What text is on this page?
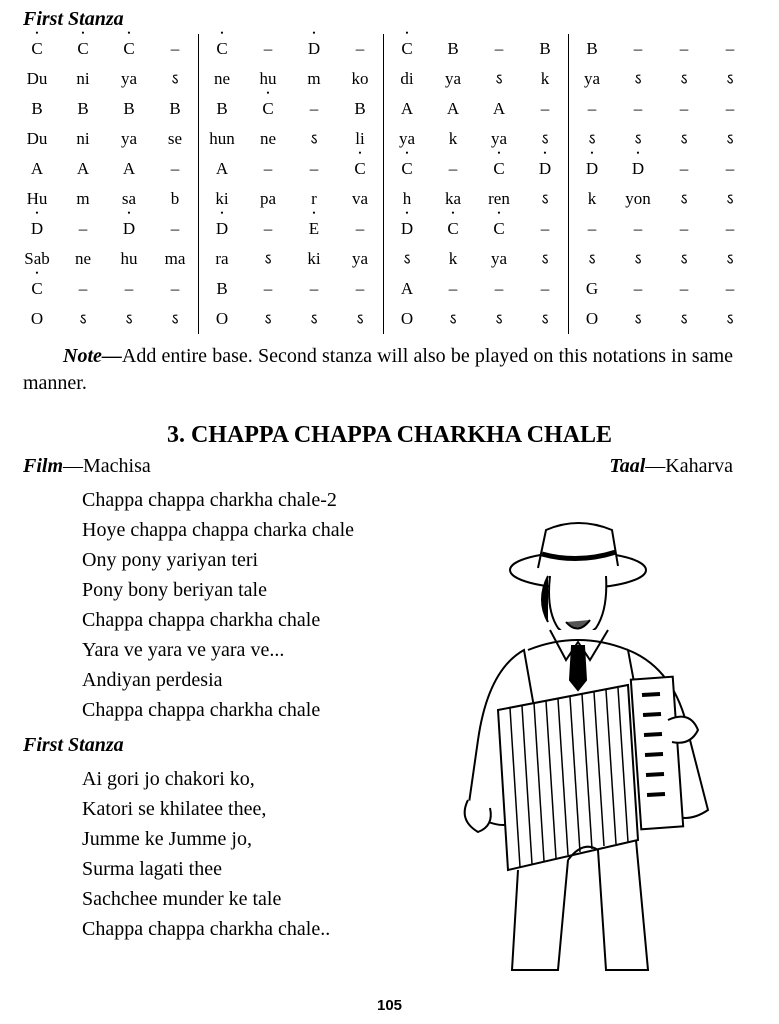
First Stanza
• C	• C	• C	–	• C	–	• D	–	• C	B	–	B	B	–	–	–
Du	ni	ya	ऽ	ne	hu	m	ko	di	ya	ऽ	k	ya	ऽ	ऽ	ऽ
B	B	B	B	B	• C	–	B	A	A	A	–	–	–	–	–
Du	ni	ya	se	hun	ne	ऽ	li	ya	k	ya	ऽ	ऽ	ऽ	ऽ	ऽ
A	A	A	–	A	–	–	• C	• C	–	• C	• D	• D	• D	–	–
Hu	m	sa	b	ki	pa	r	va	h	ka	ren	ऽ	k	yon	ऽ	ऽ
• D	–	• D	–	• D	–	• E	–	• D	• C	• C	–	–	–	–	–
Sab	ne	hu	ma	ra	ऽ	ki	ya	ऽ	k	ya	ऽ	ऽ	ऽ	ऽ	ऽ
• C	–	–	–	B	–	–	–	A	–	–	–	G	–	–	–
O	ऽ	ऽ	ऽ	O	ऽ	ऽ	ऽ	O	ऽ	ऽ	ऽ	O	ऽ	ऽ	ऽ
Note—Add entire base. Second stanza will also be played on this notations in same manner.
3. CHAPPA CHAPPA CHARKHA CHALE
Film—Machisa	Taal—Kaharva
Chappa chappa charkha chale-2
Hoye chappa chappa charka chale
Ony pony yariyan teri
Pony bony beriyan tale
Chappa chappa charkha chale
Yara ve yara ve yara ve...
Andiyan perdesia
Chappa chappa charkha chale
First Stanza
Ai gori jo chakori ko,
Katori se khilatee thee,
Jumme ke Jumme jo,
Surma lagati thee
Sachchee munder ke tale
Chappa chappa charkha chale..
105
